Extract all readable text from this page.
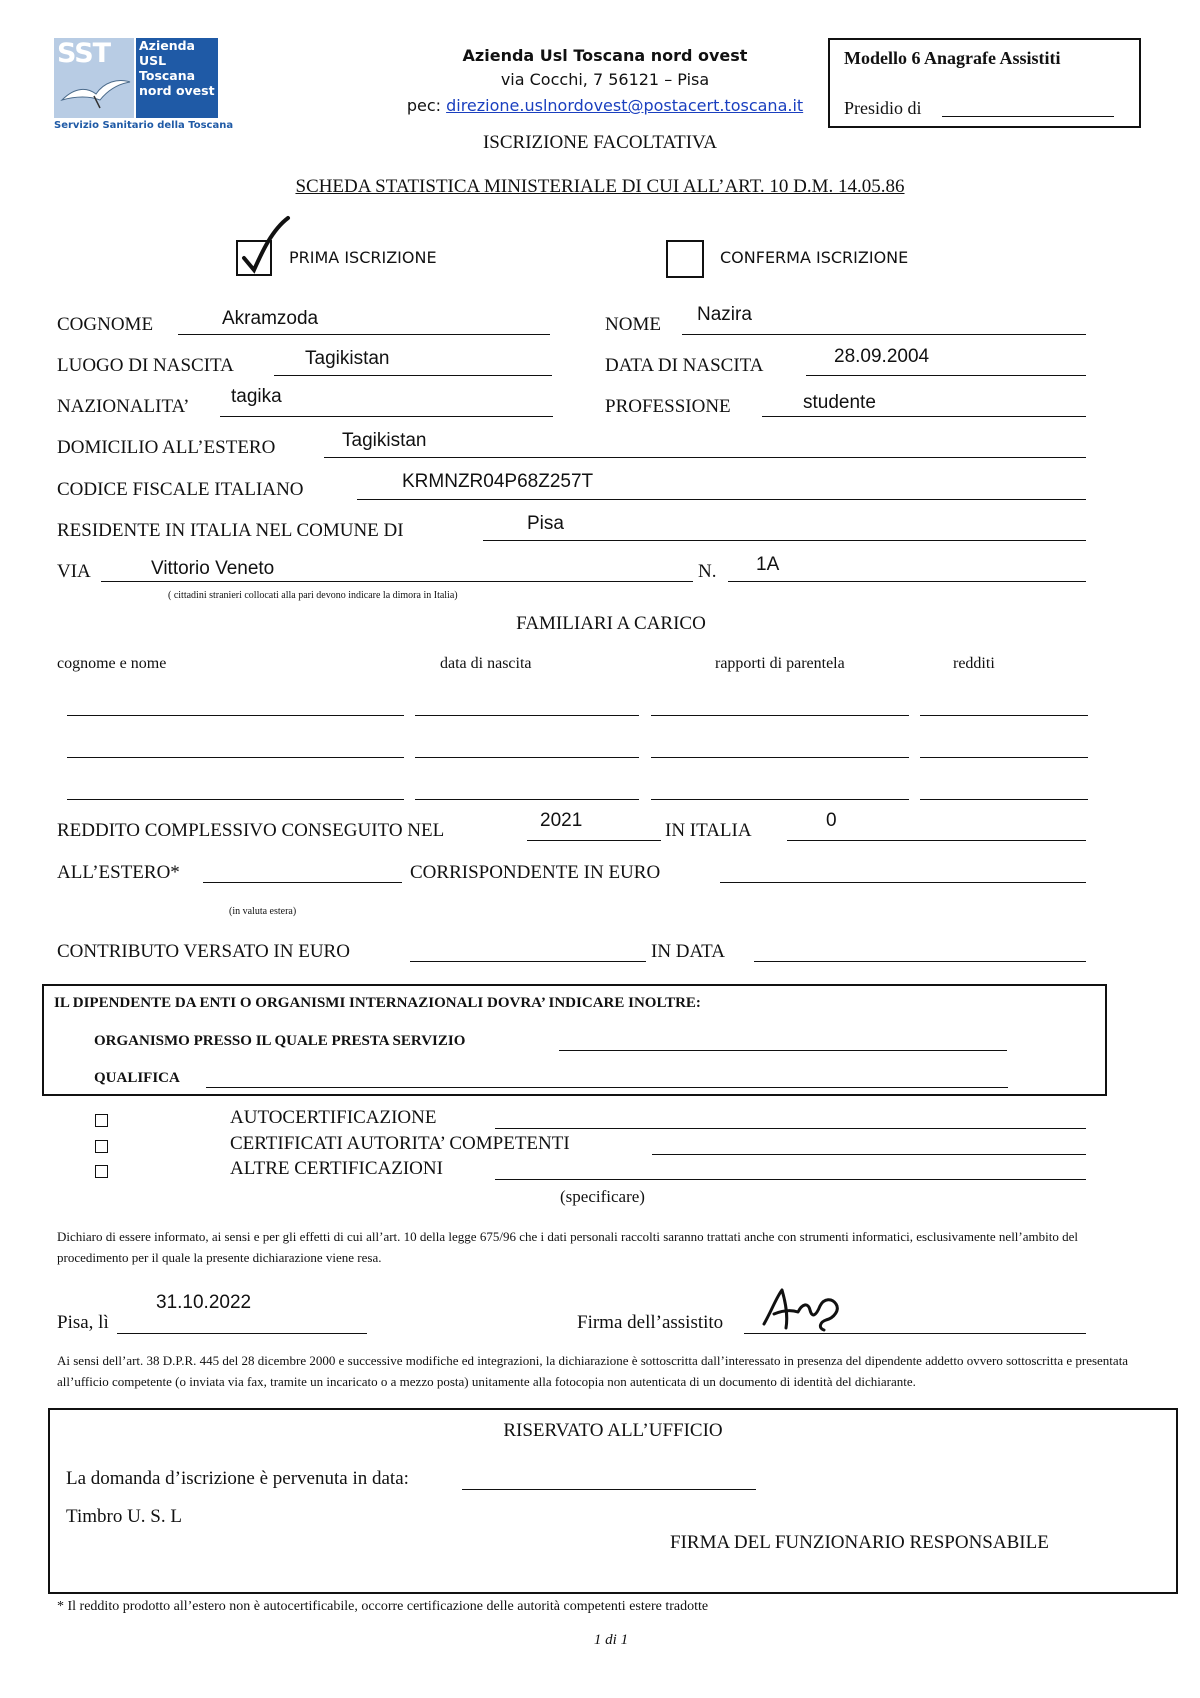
SST Azienda
USL
Toscana
nord ovest
Servizio Sanitario della Toscana
Azienda Usl Toscana nord ovest
via Cocchi, 7 56121 – Pisa
pec: direzione.uslnordovest@postacert.toscana.it
Modello 6 Anagrafe Assistiti
Presidio di
ISCRIZIONE FACOLTATIVA
SCHEDA STATISTICA MINISTERIALE DI CUI ALL’ART. 10 D.M. 14.05.86
PRIMA ISCRIZIONE	CONFERMA ISCRIZIONE
COGNOME	Akramzoda	NOME Nazira
LUOGO DI NASCITA	Tagikistan	DATA DI NASCITA	28.09.2004
NAZIONALITA’ tagika	PROFESSIONE	studente
DOMICILIO ALL’ESTERO	Tagikistan
CODICE FISCALE ITALIANO	KRMNZR04P68Z257T
RESIDENTE IN ITALIA NEL COMUNE DI	Pisa
VIA	Vittorio Veneto	N. 1A
( cittadini stranieri collocati alla pari devono indicare la dimora in Italia)
FAMILIARI A CARICO
cognome e nome	data di nascita	rapporti di parentela	redditi
REDDITO COMPLESSIVO CONSEGUITO NEL	2021	IN ITALIA	0
ALL’ESTERO*	CORRISPONDENTE IN EURO
(in valuta estera)
CONTRIBUTO VERSATO IN EURO	IN DATA
IL DIPENDENTE DA ENTI O ORGANISMI INTERNAZIONALI DOVRA’ INDICARE INOLTRE:
ORGANISMO PRESSO IL QUALE PRESTA SERVIZIO
QUALIFICA
AUTOCERTIFICAZIONE
CERTIFICATI AUTORITA’ COMPETENTI
ALTRE CERTIFICAZIONI
(specificare)
Dichiaro di essere informato, ai sensi e per gli effetti di cui all’art. 10 della legge 675/96 che i dati personali raccolti saranno trattati anche con strumenti informatici, esclusivamente nell’ambito del procedimento per il quale la presente dichiarazione viene resa.
Pisa, lì
31.10.2022
Firma dell’assistito
Ai sensi dell’art. 38 D.P.R. 445 del 28 dicembre 2000 e successive modifiche ed integrazioni, la dichiarazione è sottoscritta dall’interessato in presenza del dipendente addetto ovvero sottoscritta e presentata all’ufficio competente (o inviata via fax, tramite un incaricato o a mezzo posta) unitamente alla fotocopia non autenticata di un documento di identità del dichiarante.
RISERVATO ALL’UFFICIO
La domanda d’iscrizione è pervenuta in data:
Timbro U. S. L
FIRMA DEL FUNZIONARIO RESPONSABILE
* Il reddito prodotto all’estero non è autocertificabile, occorre certificazione delle autorità competenti estere tradotte
1 di 1
